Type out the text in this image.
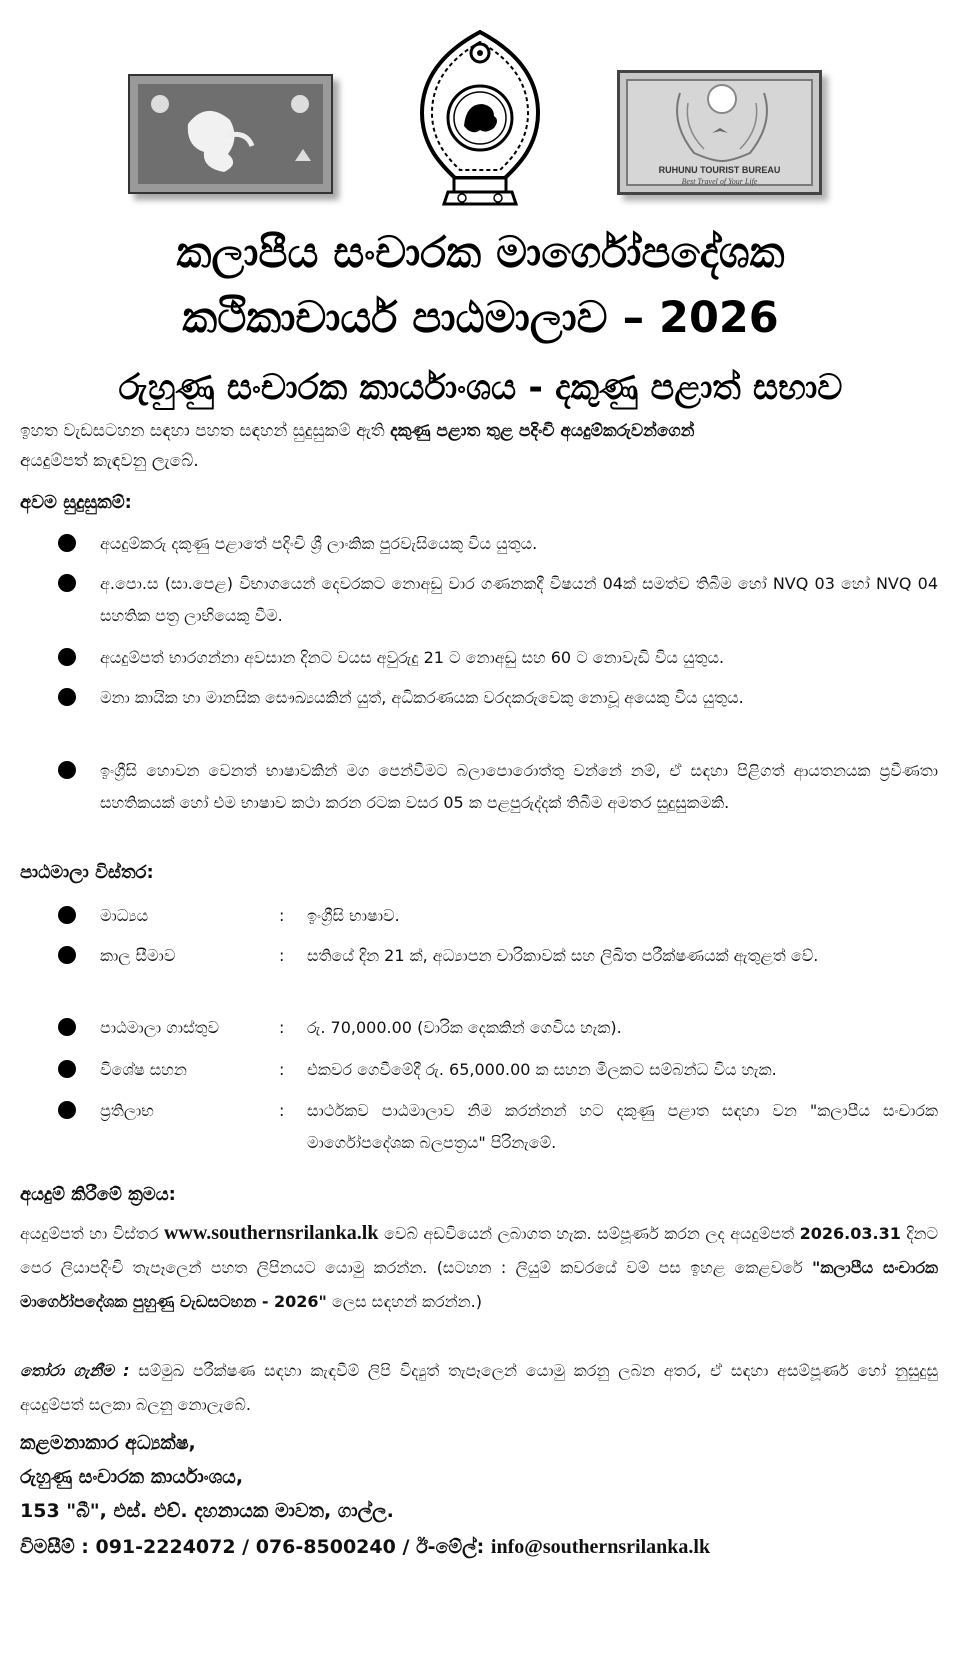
RUHUNU TOURIST BUREAU
Best Travel of Your Life
කලාපීය සංචාරක මාර්ගෝපදේශක
කථිකාචාර්ය පාඨමාලාව – 2026
රුහුණු සංචාරක කාර්යාංශය - දකුණු පළාත් සභාව
ඉහත වැඩසටහන සඳහා පහත සඳහන් සුදුසුකම් ඇති දකුණු පළාත තුළ පදිංචි අයදුම්කරුවන්ගෙන්
අයදුම්පත් කැඳවනු ලැබේ.
අවම සුදුසුකම්:
අයදුම්කරු දකුණු පළාතේ පදිංචි ශ්‍රී ලාංකික පුරවැසියෙකු විය යුතුය.
අ.පො.ස (සා.පෙළ) විභාගයෙන් දෙවරකට නොඅඩු වාර ගණනකදී විෂයන් 04ක් සමත්ව තිබීම හෝ NVQ 03 හෝ NVQ 04 සහතික පත්‍ර ලාභියෙකු වීම.
අයදුම්පත් භාරගන්නා අවසාන දිනට වයස අවුරුදු 21 ට නොඅඩු සහ 60 ට නොවැඩි විය යුතුය.
මනා කායික හා මානසික සෞඛ්‍යයකින් යුත්, අධිකරණයක වරදකරුවෙකු නොවූ අයෙකු විය යුතුය.
ඉංග්‍රීසි හොවන වෙනත් භාෂාවකින් මග පෙන්වීමට බලාපොරොත්තු වන්නේ නම්, ඒ සඳහා පිළිගත් ආයතනයක ප්‍රවීණතා සහතිකයක් හෝ එම භාෂාව කථා කරන රටක වසර 05 ක පළපුරුද්දක් තිබීම අමතර සුදුසුකමකි.
පාඨමාලා විස්තර:
මාධ්‍යය	: ඉංග්‍රීසි භාෂාව.
කාල සීමාව	: සතියේ දින 21 ක්, අධ්‍යාපන චාරිකාවක් සහ ලිඛිත පරීක්ෂණයක් ඇතුළත් වේ.
පාඨමාලා ගාස්තුව	: රු. 70,000.00 (වාරික දෙකකින් ගෙවිය හැක).
විශේෂ සහන	: එකවර ගෙවීමේදී රු. 65,000.00 ක සහන මිලකට සම්බන්ධ විය හැක.
ප්‍රතිලාභ	: සාර්ථකව පාඨමාලාව නිම කරන්නන් හට දකුණු පළාත සඳහා වන "කලාපීය සංචාරක මාර්ගෝපදේශක බලපත්‍රය" පිරිනැමේ.
අයදුම් කිරීමේ ක්‍රමය:
අයදුම්පත් හා විස්තර www.southernsrilanka.lk වෙබ් අඩවියෙන් ලබාගත හැක. සම්පූර්ණ කරන ලද අයදුම්පත් 2026.03.31 දිනට පෙර ලියාපදිංචි තැපෑලෙන් පහත ලිපිනයට යොමු කරන්න. (සටහන : ලියුම් කවරයේ වම් පස ඉහළ කෙළවරේ "කලාපීය සංචාරක මාර්ගෝපදේශක පුහුණු වැඩසටහන - 2026" ලෙස සඳහන් කරන්න.)
තෝරා ගැනීම : සම්මුඛ පරීක්ෂණ සඳහා කැඳවීම් ලිපි විද්‍යුත් තැපෑලෙන් යොමු කරනු ලබන අතර, ඒ සඳහා අසම්පූර්ණ හෝ නුසුදුසු අයදුම්පත් සලකා බලනු නොලැබේ.
කළමනාකාර අධ්‍යක්ෂ,
රුහුණු සංචාරක කාර්යාංශය,
153 "බී", එස්. එච්. දහනායක මාවත, ගාල්ල.
විමසීම් : 091-2224072 / 076-8500240 / ඊ-මේල්: info@southernsrilanka.lk
